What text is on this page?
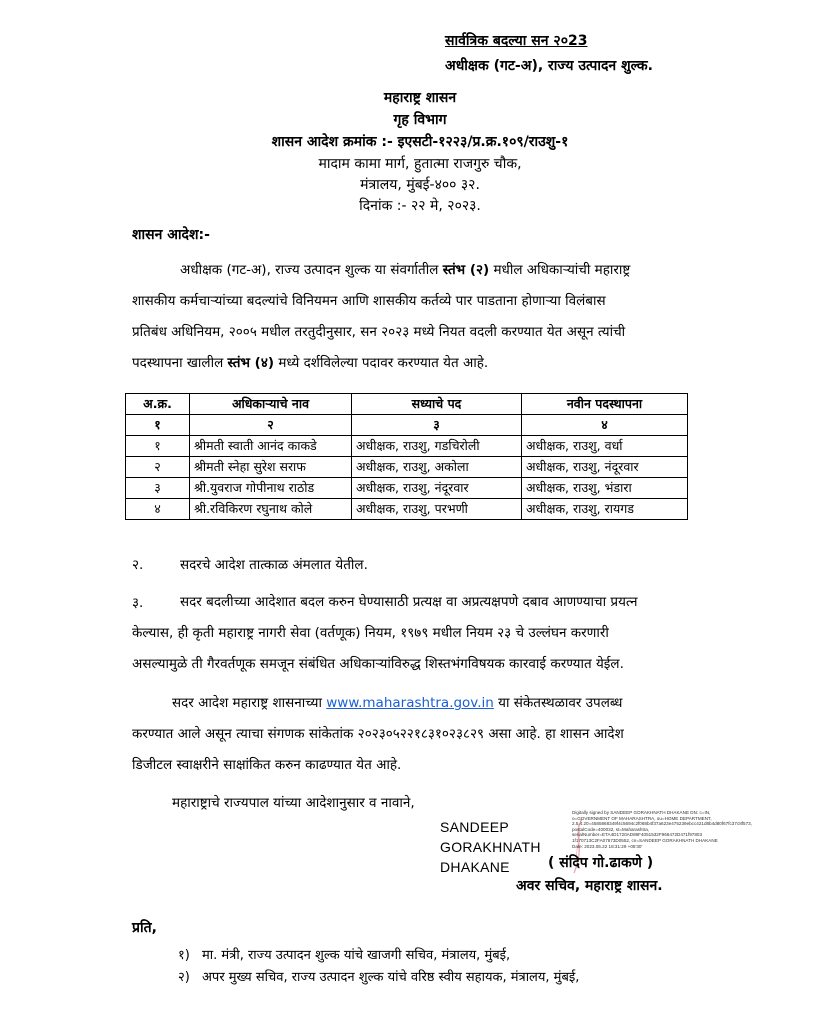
सार्वत्रिक बदल्या सन २०23
अधीक्षक (गट-अ), राज्य उत्पादन शुल्क.
महाराष्ट्र शासन
गृह विभाग
शासन आदेश क्रमांक :- इएसटी-१२२३/प्र.क्र.१०९/राउशु-१
मादाम कामा मार्ग, हुतात्मा राजगुरु चौक,
मंत्रालय, मुंबई-४०० ३२.
दिनांक :- २२ मे, २०२३.
शासन आदेश:-
अधीक्षक (गट-अ), राज्य उत्पादन शुल्क या संवर्गातील स्तंभ (२) मधील अधिकाऱ्यांची महाराष्ट्र
शासकीय कर्मचाऱ्यांच्या बदल्यांचे विनियमन आणि शासकीय कर्तव्ये पार पाडताना होणाऱ्या विलंबास
प्रतिबंध अधिनियम, २००५ मधील तरतुदीनुसार, सन २०२३ मध्ये नियत वदली करण्यात येत असून त्यांची
पदस्थापना खालील स्तंभ (४) मध्ये दर्शविलेल्या पदावर करण्यात येत आहे.
अ.क्र.	अधिकाऱ्याचे नाव	सध्याचे पद	नवीन पदस्थापना
१	२	३	४
१	श्रीमती स्वाती आनंद काकडे	अधीक्षक, राउशु, गडचिरोली	अधीक्षक, राउशु, वर्धा
२	श्रीमती स्नेहा सुरेश सराफ	अधीक्षक, राउशु, अकोला	अधीक्षक, राउशु, नंदूरवार
३	श्री.युवराज गोपीनाथ राठोड	अधीक्षक, राउशु, नंदूरवार	अधीक्षक, राउशु, भंडारा
४	श्री.रविकिरण रघुनाथ कोले	अधीक्षक, राउशु, परभणी	अधीक्षक, राउशु, रायगड
२.	सदरचे आदेश तात्काळ अंमलात येतील.
३.	सदर बदलीच्या आदेशात बदल करुन घेण्यासाठी प्रत्यक्ष वा अप्रत्यक्षपणे दबाव आणण्याचा प्रयत्न
केल्यास, ही कृती महाराष्ट्र नागरी सेवा (वर्तणूक) नियम, १९७९ मधील नियम २३ चे उल्लंघन करणारी
असल्यामुळे ती गैरवर्तणूक समजून संबंधित अधिकाऱ्यांविरुद्ध शिस्तभंगविषयक कारवाई करण्यात येईल.
सदर आदेश महाराष्ट्र शासनाच्या www.maharashtra.gov.in या संकेतस्थळावर उपलब्ध
करण्यात आले असून त्याचा संगणक सांकेतांक २०२३०५२२१८३१०२३८२९ असा आहे. हा शासन आदेश
डिजीटल स्वाक्षरीने साक्षांकित करुन काढण्यात येत आहे.
महाराष्ट्राचे राज्यपाल यांच्या आदेशानुसार व नावाने,
SANDEEP
GORAKHNATH
DHAKANE
Digitally signed by SANDEEP GORAKHNATH DHAKANE DN: c=IN, o=GOVERNMENT OF MAHARASHTRA, ou=HOME DEPARTMENT, 2.5.4.20=4585868349f4c5694c2f068b4f37a623e475239ebcc421d8b4d80f67fc37c8f573, postalCode=400032, st=Maharashtra, serialNumber=ETA4D1720AD86F4051532F966472D471f97803 1f170713C2FA07673D0552, cn=SANDEEP GORAKHNATH DHAKANE Date: 2023.05.22 18:31:29 +05'30'
( संदिप गो.ढाकणे )
अवर सचिव, महाराष्ट्र शासन.
प्रति,
१) मा. मंत्री, राज्य उत्पादन शुल्क यांचे खाजगी सचिव, मंत्रालय, मुंबई,
२) अपर मुख्य सचिव, राज्य उत्पादन शुल्क यांचे वरिष्ठ स्वीय सहायक, मंत्रालय, मुंबई,
